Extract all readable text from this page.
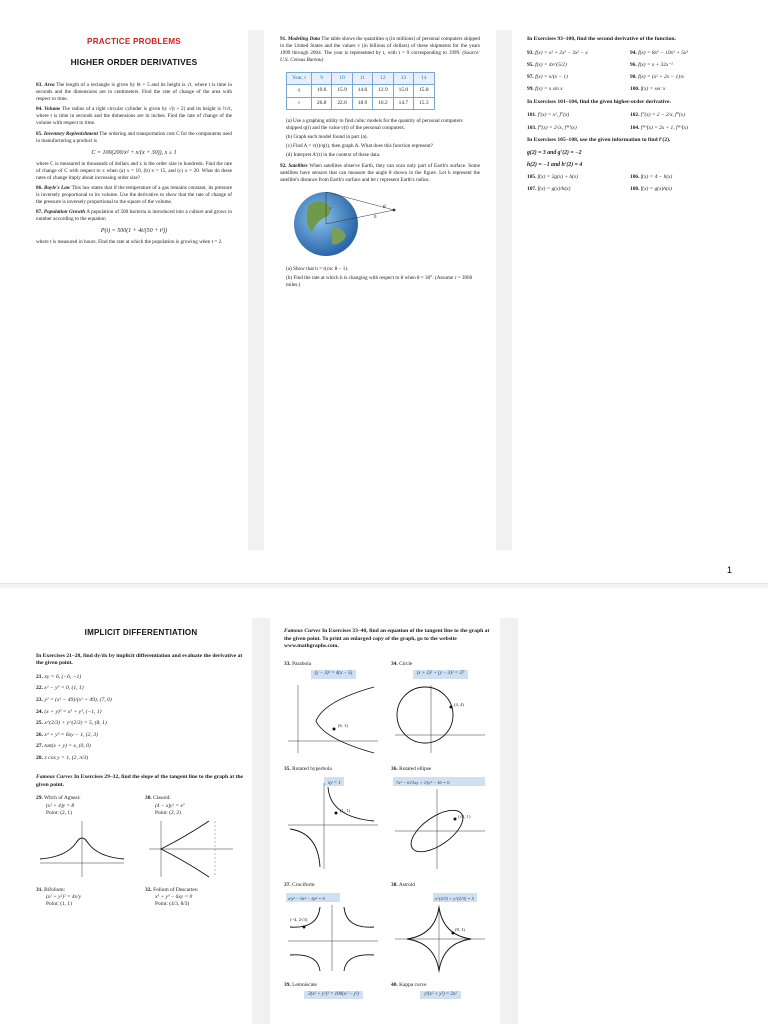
PRACTICE PROBLEMS
HIGHER ORDER DERIVATIVES
83. Area The length of a rectangle is given by 6t + 5 and its height is √t, where t is time in seconds and the dimensions are in centimeters. Find the rate of change of the area with respect to time.
84. Volume The radius of a right circular cylinder is given by √(t + 2) and its height is ½√t, where t is time in seconds and the dimensions are in inches. Find the rate of change of the volume with respect to time.
85. Inventory Replenishment The ordering and transportation cost C for the components used in manufacturing a product is
C = 100(200/x² + x/(x + 30)), x ≥ 1
where C is measured in thousands of dollars and x is the order size in hundreds. Find the rate of change of C with respect to x when (a) x = 10, (b) x = 15, and (c) x = 20. What do these rates of change imply about increasing order size?
86. Boyle's Law This law states that if the temperature of a gas remains constant, its pressure is inversely proportional to its volume. Use the derivative to show that the rate of change of the pressure is inversely proportional to the square of the volume.
87. Population Growth A population of 500 bacteria is introduced into a culture and grows in number according to the equation
P(t) = 500(1 + 4t/(50 + t²))
where t is measured in hours. Find the rate at which the population is growing when t = 2.
91. Modeling Data The table shows the quantities q (in millions) of personal computers shipped in the United States and the values v (in billions of dollars) of these shipments for the years 1999 through 2004. The year is represented by t, with t = 9 corresponding to 1999. (Source: U.S. Census Bureau)
Year, t	9	10	11	12	13	14
q	19.6	15.9	14.6	12.9	15.0	15.8
v	26.8	22.6	18.9	16.2	14.7	15.3
(a) Use a graphing utility to find cubic models for the quantity of personal computers shipped q(t) and the value v(t) of the personal computers.
(b) Graph each model found in part (a).
(c) Find A = v(t)/q(t), then graph A. What does this function represent?
(d) Interpret A′(t) in the context of these data.
92. Satellites When satellites observe Earth, they can scan only part of Earth's surface. Some satellites have sensors that can measure the angle θ shown in the figure. Let h represent the satellite's distance from Earth's surface and let r represent Earth's radius.
θ
h
r
(a) Show that h = r(csc θ − 1).
(b) Find the rate at which h is changing with respect to θ when θ = 30°. (Assume r = 3960 miles.)
In Exercises 93–100, find the second derivative of the function.
93. f(x) = x² + 2x³ − 3x² − x	94. f(x) = 8x⁶ − 10x⁵ + 5x³
95. f(x) = 4x^(5/2)	96. f(x) = x + 32x⁻²
97. f(x) = x/(x − 1)	98. f(x) = (x² + 2x − 1)/x
99. f(x) = x sin x	100. f(x) = sec x
In Exercises 101–104, find the given higher-order derivative.
101. f′(x) = x², f″(x)	102. f″(x) = 2 − 2/x, f‴(x)
103. f‴(x) = 2√x, f⁽⁴⁾(x)	104. f⁽⁴⁾(x) = 2x + 1, f⁽⁶⁾(x)
In Exercises 105–108, use the given information to find f′(2).
g(2) = 3 and g′(2) = −2
h(2) = −1 and h′(2) = 4
105. f(x) = 2g(x) + h(x)	106. f(x) = 4 − h(x)
107. f(x) = g(x)/h(x)	108. f(x) = g(x)h(x)
1
IMPLICIT DIFFERENTIATION
In Exercises 21–28, find dy/dx by implicit differentiation and evaluate the derivative at the given point.
21. xy = 6, (−6, −1)
22. x² − y³ = 0, (1, 1)
23. y² = (x² − 49)/(x² + 49), (7, 0)
24. (x + y)³ = x³ + y³, (−1, 1)
25. x^(2/3) + y^(2/3) = 5, (8, 1)
26. x³ + y³ = 6xy − 1, (2, 3)
27. tan(x + y) = x, (0, 0)
28. x cos y = 1, (2, π/3)
Famous Curves In Exercises 29–32, find the slope of the tangent line to the graph at the given point.
29. Witch of Agnesi:
(x² + 4)y = 8
Point: (2, 1)
30. Cissoid:
(4 − x)y² = x³
Point: (2, 2)
31. Bifolium:
(x² + y²)² = 4x²y
Point: (1, 1)
32. Folium of Descartes:
x³ + y³ − 6xy = 0
Point: (4/3, 8/3)
Famous Curves In Exercises 33–40, find an equation of the tangent line to the graph at the given point. To print an enlarged copy of the graph, go to the website www.mathgraphs.com.
33. Parabola
(y − 3)² = 4(x − 5)
(6, 1)
34. Circle
(x + 2)² + (y − 3)² = 37
(4, 4)
35. Rotated hyperbola
xy = 1
(1, 1)
36. Rotated ellipse
7x² − 6√3xy + 13y² − 16 = 0
(√3, 1)
37. Cruciform
x²y² − 9x² − 4y² = 0
(−4, 2√3)
38. Astroid
x^(2/3) + y^(2/3) = 5
(8, 1)
39. Lemniscate
3(x² + y²)² = 100(x² − y²)
40. Kappa curve
y²(x² + y²) = 2x²
